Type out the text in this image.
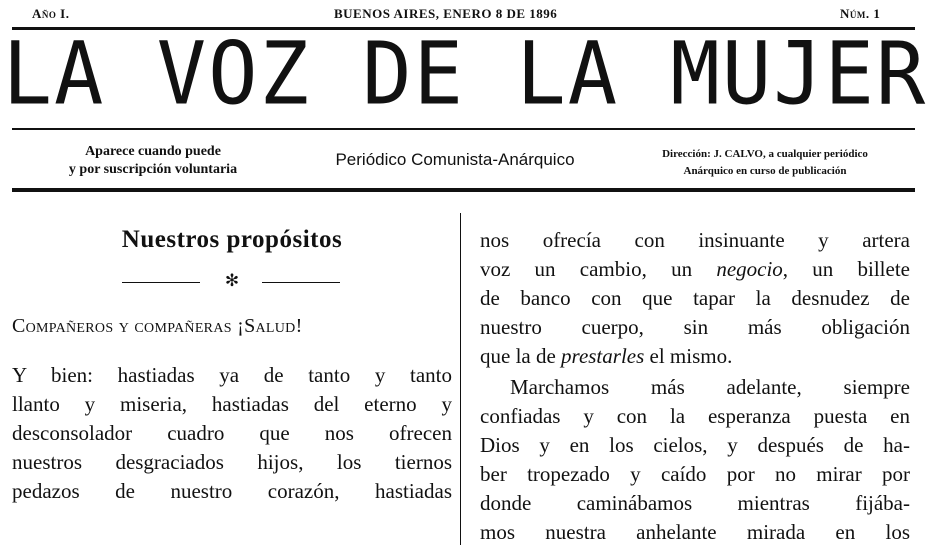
Año I.	BUENOS AIRES, ENERO 8 DE 1896	Núm. 1
LA VOZ DE LA MUJER
Aparece cuando puede
y por suscripción voluntaria
Periódico Comunista-Anárquico	Dirección: J. CALVO, a cualquier periódico
Anárquico en curso de publicación
Nuestros propósitos
✻
Compañeros y compañeras ¡Salud!
Y bien: hastiadas ya de tanto y tanto
llanto y miseria, hastiadas del eterno y
desconsolador cuadro que nos ofrecen
nuestros desgraciados hijos, los tiernos
pedazos de nuestro corazón, hastiadas
nos ofrecía con insinuante y artera
voz un cambio, un negocio, un billete
de banco con que tapar la desnudez de
nuestro cuerpo, sin más obligación
que la de prestarles el mismo.
Marchamos más adelante, siempre
confiadas y con la esperanza puesta en
Dios y en los cielos, y después de ha-
ber tropezado y caído por no mirar por
donde caminábamos mientras fijába-
mos nuestra anhelante mirada en los
